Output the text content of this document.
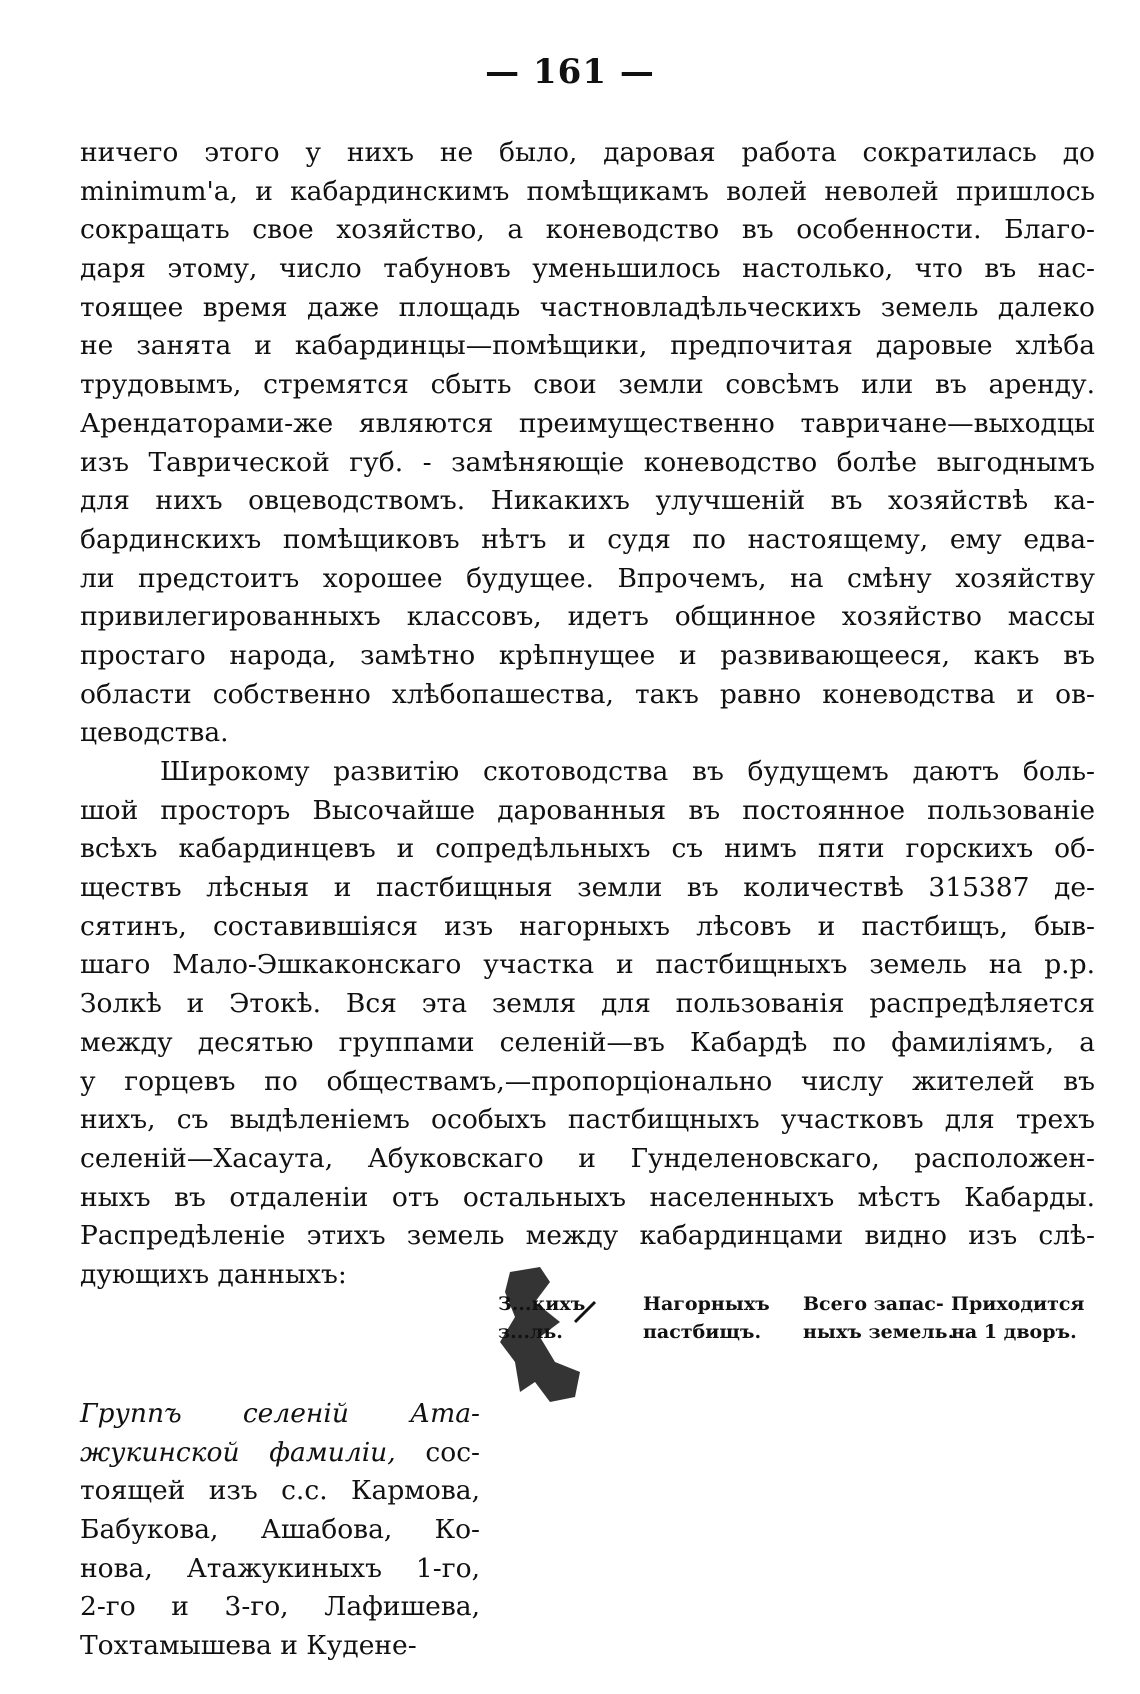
— 161 —
ничего этого у нихъ не было, даровая работа сократилась до
minimum'a, и кабардинскимъ помѣщикамъ волей неволей пришлось
сокращать свое хозяйство, а коневодство въ особенности. Благо-
даря этому, число табуновъ уменьшилось настолько, что въ нас-
тоящее время даже площадь частновладѣльческихъ земель далеко
не занята и кабардинцы—помѣщики, предпочитая даровые хлѣба
трудовымъ, стремятся сбыть свои земли совсѣмъ или въ аренду.
Арендаторами-же являются преимущественно тавричане—выходцы
изъ Таврической губ. - замѣняющіе коневодство болѣе выгоднымъ
для нихъ овцеводствомъ. Никакихъ улучшеній въ хозяйствѣ ка-
бардинскихъ помѣщиковъ нѣтъ и судя по настоящему, ему едва-
ли предстоитъ хорошее будущее. Впрочемъ, на смѣну хозяйству
привилегированныхъ классовъ, идетъ общинное хозяйство массы
простаго народа, замѣтно крѣпнущее и развивающееся, какъ въ
области собственно хлѣбопашества, такъ равно коневодства и ов-
цеводства.
Широкому развитію скотоводства въ будущемъ даютъ боль-
шой просторъ Высочайше дарованныя въ постоянное пользованіе
всѣхъ кабардинцевъ и сопредѣльныхъ съ нимъ пяти горскихъ об-
ществъ лѣсныя и пастбищныя земли въ количествѣ 315387 де-
сятинъ, составившіяся изъ нагорныхъ лѣсовъ и пастбищъ, быв-
шаго Мало-Эшкаконскаго участка и пастбищныхъ земель на р.р.
Золкѣ и Этокѣ. Вся эта земля для пользованія распредѣляется
между десятью группами селеній—въ Кабардѣ по фамиліямъ, а
у горцевъ по обществамъ,—пропорціонально числу жителей въ
нихъ, съ выдѣленіемъ особыхъ пастбищныхъ участковъ для трехъ
селеній—Хасаута, Абуковскаго и Гунделеновскаго, расположен-
ныхъ въ отдаленіи отъ остальныхъ населенныхъ мѣстъ Кабарды.
Распредѣленіе этихъ земель между кабардинцами видно изъ слѣ-
дующихъ данныхъ:
З...кихъ
з...ль.
Нагорныхъ
пастбищъ.
Всего запас-
ныхъ земель.
Приходится
на 1 дворъ.
Группъ селеній Ата-
жукинской фамиліи, сос-
тоящей изъ с.с. Кармова,
Бабукова, Ашабова, Ко-
нова, Атажукиныхъ 1-го,
2-го и 3-го, Лафишева,
Тохтамышева и Кудене-
